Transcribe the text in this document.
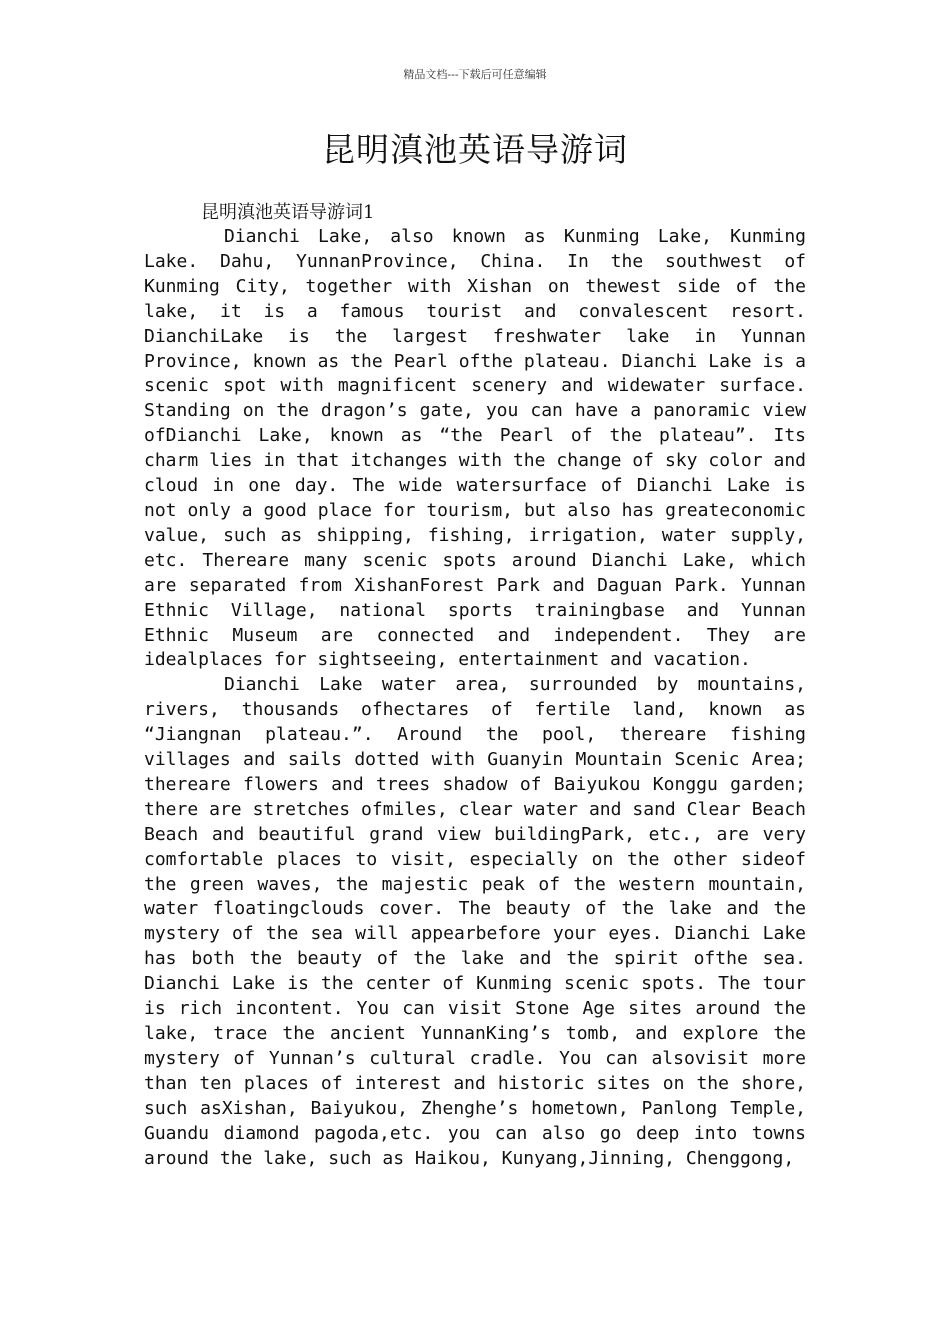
精品文档---下载后可任意编辑
昆明滇池英语导游词
昆明滇池英语导游词1

Dianchi Lake, also known as Kunming Lake, Kunming Lake. Dahu, YunnanProvince, China. In the southwest of Kunming City, together with Xishan on thewest side of the lake, it is a famous tourist and convalescent resort. DianchiLake is the largest freshwater lake in Yunnan Province, known as the Pearl ofthe plateau. Dianchi Lake is a scenic spot with magnificent scenery and widewater surface. Standing on the dragon’s gate, you can have a panoramic view ofDianchi Lake, known as “the Pearl of the plateau”. Its charm lies in that itchanges with the change of sky color and cloud in one day. The wide watersurface of Dianchi Lake is not only a good place for tourism, but also has greateconomic value, such as shipping, fishing, irrigation, water supply, etc. Thereare many scenic spots around Dianchi Lake, which are separated from XishanForest Park and Daguan Park. Yunnan Ethnic Village, national sports trainingbase and Yunnan Ethnic Museum are connected and independent. They are idealplaces for sightseeing, entertainment and vacation.

Dianchi Lake water area, surrounded by mountains, rivers, thousands ofhectares of fertile land, known as “Jiangnan plateau.”. Around the pool, thereare fishing villages and sails dotted with Guanyin Mountain Scenic Area; thereare flowers and trees shadow of Baiyukou Konggu garden; there are stretches ofmiles, clear water and sand Clear Beach Beach and beautiful grand view buildingPark, etc., are very comfortable places to visit, especially on the other sideof the green waves, the majestic peak of the western mountain, water floatingclouds cover. The beauty of the lake and the mystery of the sea will appearbefore your eyes. Dianchi Lake has both the beauty of the lake and the spirit ofthe sea. Dianchi Lake is the center of Kunming scenic spots. The tour is rich incontent. You can visit Stone Age sites around the lake, trace the ancient YunnanKing’s tomb, and explore the mystery of Yunnan’s cultural cradle. You can alsovisit more than ten places of interest and historic sites on the shore, such asXishan, Baiyukou, Zhenghe’s hometown, Panlong Temple, Guandu diamond pagoda,etc. you can also go deep into towns around the lake, such as Haikou, Kunyang,Jinning, Chenggong,
